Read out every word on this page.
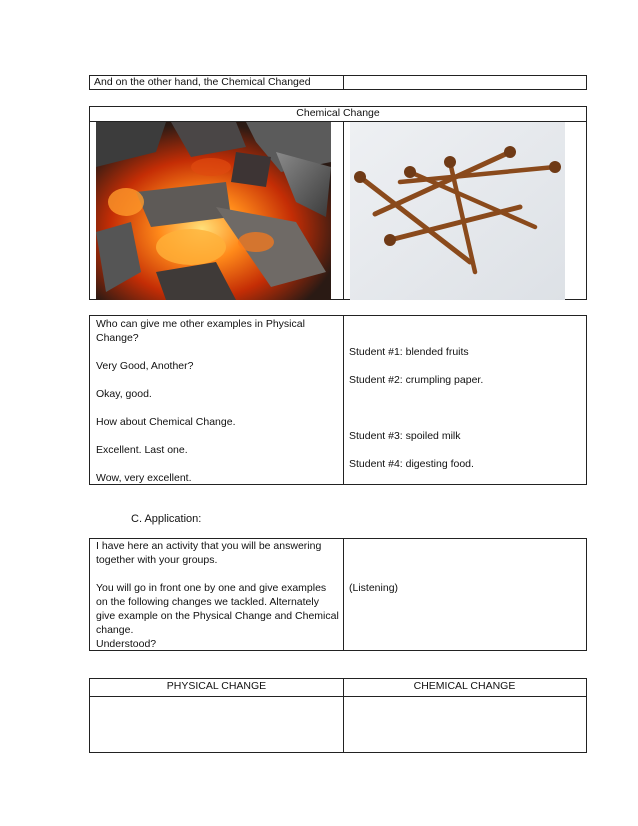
And on the other hand, the Chemical Changed
Chemical Change
Who can give me other examples in Physical
Change?
Very Good, Another?
Okay, good.
How about Chemical Change.
Excellent. Last one.
Wow, very excellent.
Student #1: blended fruits
Student #2: crumpling paper.
Student #3: spoiled milk
Student #4: digesting food.
C. Application:
I have here an activity that you will be answering
together with your groups.
You will go in front one by one and give examples
on the following changes we tackled. Alternately
give example on the Physical Change and Chemical
change.
Understood?
(Listening)
PHYSICAL CHANGE	CHEMICAL CHANGE
